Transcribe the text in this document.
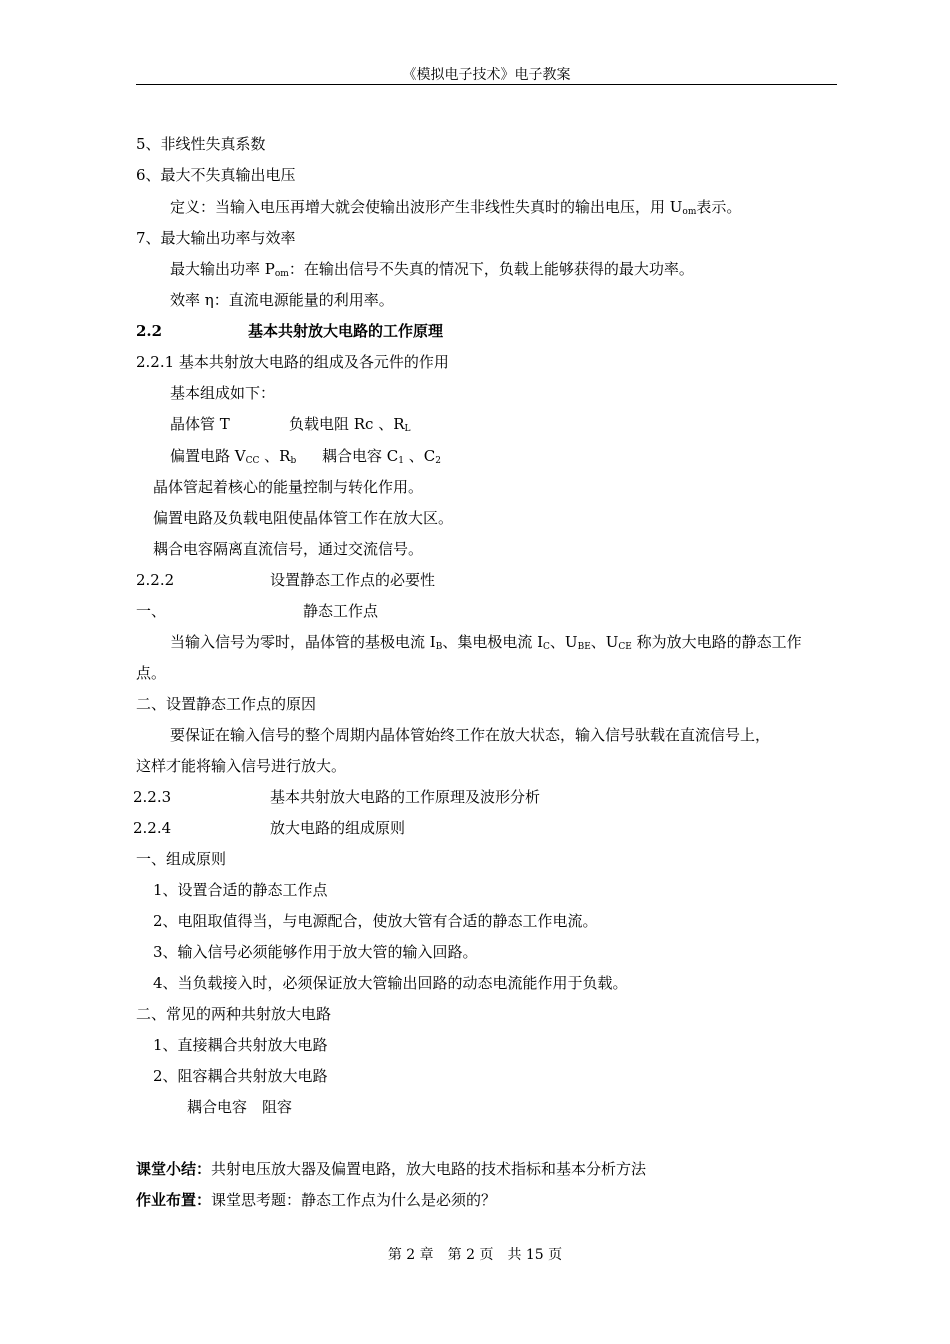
《模拟电子技术》电子教案
5、非线性失真系数
6、最大不失真输出电压
定义：当输入电压再增大就会使输出波形产生非线性失真时的输出电压，用 $U_{om}$表示。
7、最大输出功率与效率
最大输出功率 $P_{om}$：在输出信号不失真的情况下，负载上能够获得的最大功率。
效率 η：直流电源能量的利用率。
2.2	基本共射放大电路的工作原理
2.2.1 基本共射放大电路的组成及各元件的作用
基本组成如下：
晶体管 T	负载电阻 Rc 、$R_L$
偏置电路 $V_{CC}$ 、$R_b$ 耦合电容 $C_1$ 、$C_2$
晶体管起着核心的能量控制与转化作用。
偏置电路及负载电阻使晶体管工作在放大区。
耦合电容隔离直流信号，通过交流信号。
2.2.2	设置静态工作点的必要性
一、	静态工作点
当输入信号为零时，晶体管的基极电流 $I_B$、集电极电流 $I_C$、$U_{BE}$、$U_{CE}$ 称为放大电路的静态工作
点。
二、设置静态工作点的原因
要保证在输入信号的整个周期内晶体管始终工作在放大状态，输入信号驮载在直流信号上，
这样才能将输入信号进行放大。
2.2.3	基本共射放大电路的工作原理及波形分析
2.2.4	放大电路的组成原则
一、组成原则
1、设置合适的静态工作点
2、电阻取值得当，与电源配合，使放大管有合适的静态工作电流。
3、输入信号必须能够作用于放大管的输入回路。
4、当负载接入时，必须保证放大管输出回路的动态电流能作用于负载。
二、常见的两种共射放大电路
1、直接耦合共射放大电路
2、阻容耦合共射放大电路
耦合电容　阻容
课堂小结：共射电压放大器及偏置电路，放大电路的技术指标和基本分析方法
作业布置：课堂思考题：静态工作点为什么是必须的？
第 2 章　第 2 页　共 15 页
